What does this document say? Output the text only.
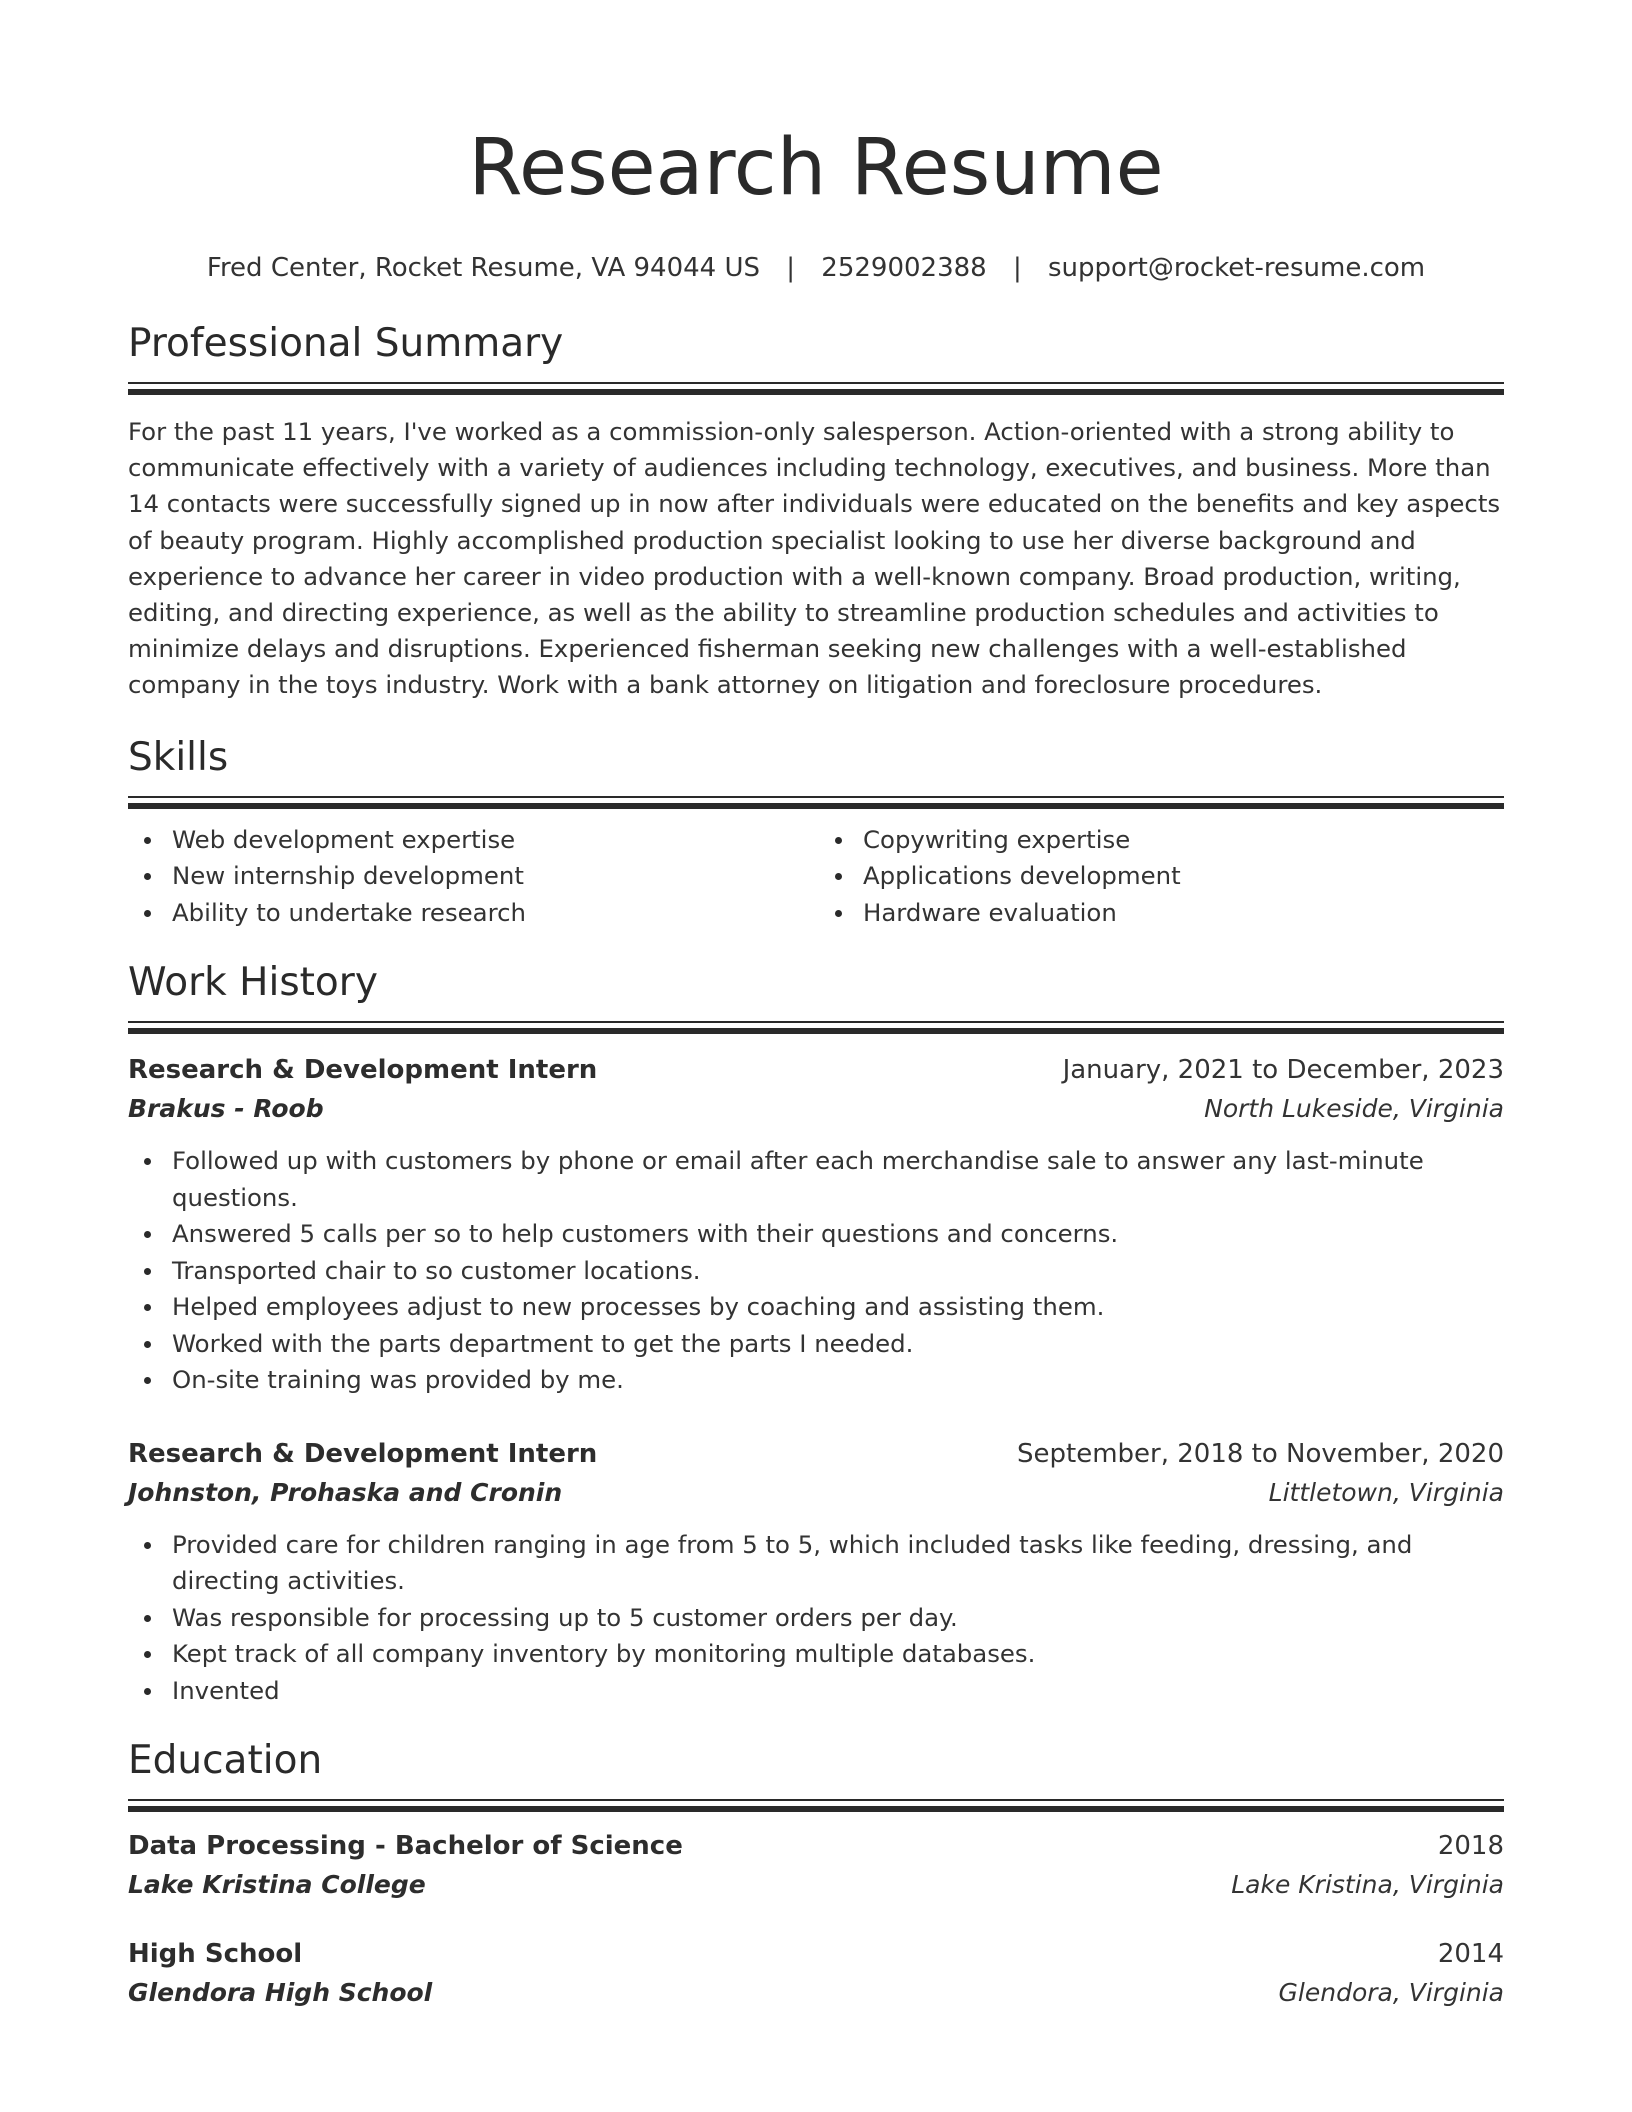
Research Resume
Fred Center, Rocket Resume, VA 94044 US | 2529002388 | support@rocket-resume.com
Professional Summary

For the past 11 years, I've worked as a commission-only salesperson. Action-oriented with a strong ability to communicate effectively with a variety of audiences including technology, executives, and business. More than 14 contacts were successfully signed up in now after individuals were educated on the benefits and key aspects of beauty program. Highly accomplished production specialist looking to use her diverse background and experience to advance her career in video production with a well-known company. Broad production, writing, editing, and directing experience, as well as the ability to streamline production schedules and activities to minimize delays and disruptions. Experienced fisherman seeking new challenges with a well-established company in the toys industry. Work with a bank attorney on litigation and foreclosure procedures.

Skills
Web development expertise
New internship development
Ability to undertake research
Copywriting expertise
Applications development
Hardware evaluation
Work History
Research & Development Intern	January, 2021 to December, 2023
Brakus - Roob	North Lukeside, Virginia
Followed up with customers by phone or email after each merchandise sale to answer any last-minute questions.
Answered 5 calls per so to help customers with their questions and concerns.
Transported chair to so customer locations.
Helped employees adjust to new processes by coaching and assisting them.
Worked with the parts department to get the parts I needed.
On-site training was provided by me.
Research & Development Intern	September, 2018 to November, 2020
Johnston, Prohaska and Cronin	Littletown, Virginia
Provided care for children ranging in age from 5 to 5, which included tasks like feeding, dressing, and directing activities.
Was responsible for processing up to 5 customer orders per day.
Kept track of all company inventory by monitoring multiple databases.
Invented
Education
Data Processing - Bachelor of Science	2018
Lake Kristina College	Lake Kristina, Virginia
High School	2014
Glendora High School	Glendora, Virginia
